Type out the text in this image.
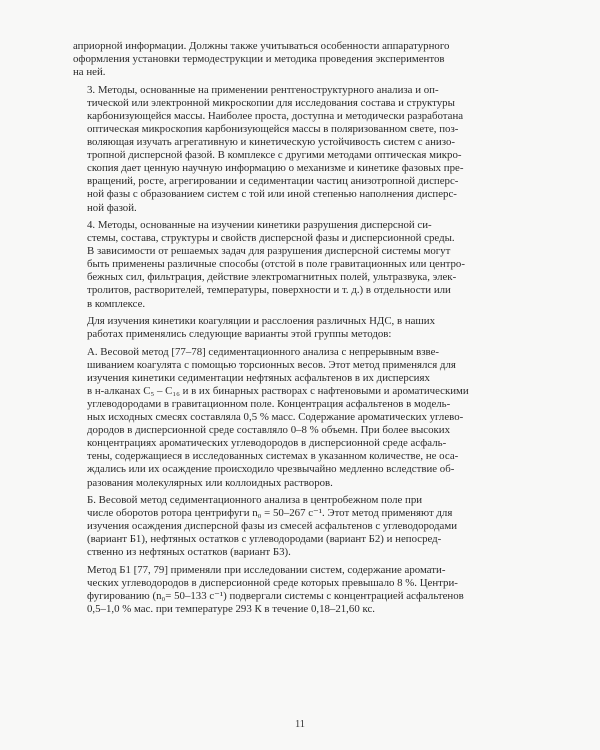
априорной информации. Должны также учитываться особенности аппаратурного
оформления установки термодеструкции и методика проведения экспериментов
на ней.
3. Методы, основанные на применении рентгеноструктурного анализа и оп-
тической или электронной микроскопии для исследования состава и структуры
карбонизующейся массы. Наиболее проста, доступна и методически разработана
оптическая микроскопия карбонизующейся массы в поляризованном свете, поз-
воляющая изучать агрегативную и кинетическую устойчивость систем с анизо-
тропной дисперсной фазой. В комплексе с другими методами оптическая микро-
скопия дает ценную научную информацию о механизме и кинетике фазовых пре-
вращений, росте, агрегировании и седиментации частиц анизотропной дисперс-
ной фазы с образованием систем с той или иной степенью наполнения дисперс-
ной фазой.
4. Методы, основанные на изучении кинетики разрушения дисперсной си-
стемы, состава, структуры и свойств дисперсной фазы и дисперсионной среды.
В зависимости от решаемых задач для разрушения дисперсной системы могут
быть применены различные способы (отстой в поле гравитационных или центро-
бежных сил, фильтрация, действие электромагнитных полей, ультразвука, элек-
тролитов, растворителей, температуры, поверхности и т. д.) в отдельности или
в комплексе.
Для изучения кинетики коагуляции и расслоения различных НДС, в наших
работах применялись следующие варианты этой группы методов:
А. Весовой метод [77–78] седиментационного анализа с непрерывным взве-
шиванием коагулята с помощью торсионных весов. Этот метод применялся для
изучения кинетики седиментации нефтяных асфальтенов в их дисперсиях
в н-алканах C₅ – C₁₆ и в их бинарных растворах с нафтеновыми и ароматическими
углеводородами в гравитационном поле. Концентрация асфальтенов в модель-
ных исходных смесях составляла 0,5 % масс. Содержание ароматических углево-
дородов в дисперсионной среде составляло 0–8 % объемн. При более высоких
концентрациях ароматических углеводородов в дисперсионной среде асфаль-
тены, содержащиеся в исследованных системах в указанном количестве, не оса-
ждались или их осаждение происходило чрезвычайно медленно вследствие об-
разования молекулярных или коллоидных растворов.
Б. Весовой метод седиментационного анализа в центробежном поле при
числе оборотов ротора центрифуги n₀ = 50–267 с⁻¹. Этот метод применяют для
изучения осаждения дисперсной фазы из смесей асфальтенов с углеводородами
(вариант Б1), нефтяных остатков с углеводородами (вариант Б2) и непосред-
ственно из нефтяных остатков (вариант Б3).
Метод Б1 [77, 79] применяли при исследовании систем, содержание аромати-
ческих углеводородов в дисперсионной среде которых превышало 8 %. Центри-
фугированию (n₀= 50–133 с⁻¹) подвергали системы с концентрацией асфальтенов
0,5–1,0 % мас. при температуре 293 К в течение 0,18–21,60 кс.
11
